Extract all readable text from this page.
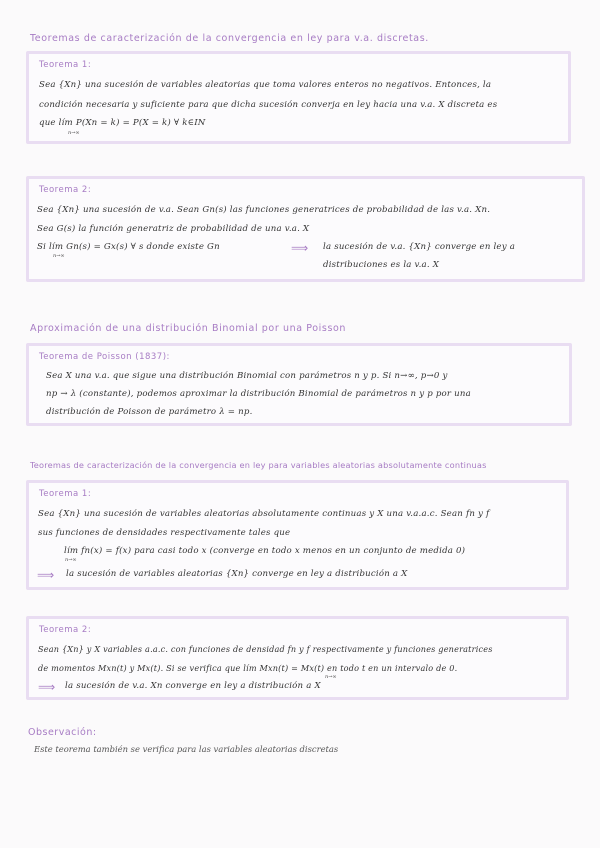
Teoremas de caracterización de la convergencia en ley para v.a. discretas.
Teorema 1:
Sea {Xn} una sucesión de variables aleatorias que toma valores enteros no negativos. Entonces, la
condición necesaria y suficiente para que dicha sucesión converja en ley hacia una v.a. X discreta es
que lím P(Xn = k) = P(X = k) ∀ k∈IN
n→∞
Teorema 2:
Sea {Xn} una sucesión de v.a. Sean Gn(s) las funciones generatrices de probabilidad de las v.a. Xn.
Sea G(s) la función generatriz de probabilidad de una v.a. X
Si lím Gn(s) = Gx(s) ∀ s donde existe Gn
n→∞
⟹ la sucesión de v.a. {Xn} converge en ley a
distribuciones es la v.a. X
Aproximación de una distribución Binomial por una Poisson
Teorema de Poisson (1837):
Sea X una v.a. que sigue una distribución Binomial con parámetros n y p. Si n→∞, p→0 y
np → λ (constante), podemos aproximar la distribución Binomial de parámetros n y p por una
distribución de Poisson de parámetro λ = np.
Teoremas de caracterización de la convergencia en ley para variables aleatorias absolutamente continuas
Teorema 1:
Sea {Xn} una sucesión de variables aleatorias absolutamente continuas y X una v.a.a.c. Sean fn y f
sus funciones de densidades respectivamente tales que
lím fn(x) = f(x) para casi todo x (converge en todo x menos en un conjunto de medida 0)
n→∞
⟹ la sucesión de variables aleatorias {Xn} converge en ley a distribución a X
Teorema 2:
Sean {Xn} y X variables a.a.c. con funciones de densidad fn y f respectivamente y funciones generatrices
de momentos Mxn(t) y Mx(t). Si se verifica que lím Mxn(t) = Mx(t) en todo t en un intervalo de 0.
n→∞
⟹ la sucesión de v.a. Xn converge en ley a distribución a X
Observación:
Este teorema también se verifica para las variables aleatorias discretas
